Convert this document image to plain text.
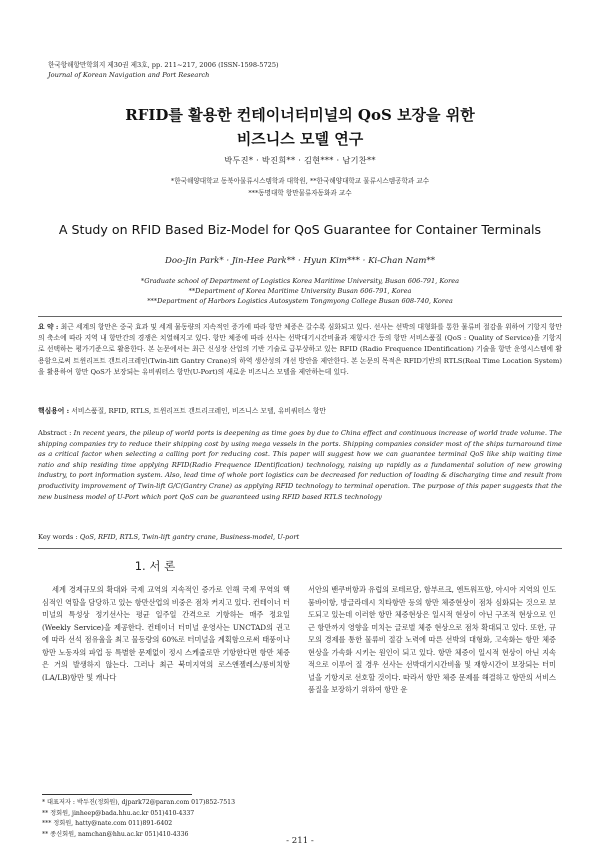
한국항해항만학회지 제30권 제3호, pp. 211~217, 2006 (ISSN-1598-5725)
Journal of Korean Navigation and Port Research
RFID를 활용한 컨테이너터미널의 QoS 보장을 위한
비즈니스 모델 연구
박두진* · 박진희** · 김현*** · 남기찬**
*한국해양대학교 동북아물류시스템학과 대학원, **한국해양대학교 물류시스템공학과 교수
***동명대학 항만물류자동화과 교수
A Study on RFID Based Biz-Model for QoS Guarantee for Container Terminals
Doo-Jin Park* · Jin-Hee Park** · Hyun Kim*** · Ki-Chan Nam**
*Graduate school of Department of Logistics Korea Maritime University, Busan 606-791, Korea
**Department of Korea Maritime University Busan 606-791, Korea
***Department of Harbors Logistics Autosystem Tongmyong College Busan 608-740, Korea
요 약 : 최근 세계의 항만은 중국 효과 및 세계 물동량의 지속적인 증가에 따라 항만 체증은 갈수록 심화되고 있다. 선사는 선박의 대형화를 통한 물류비 절감을 위하여 기항지 항만의 축소에 따라 지역 내 항만간의 경쟁은 치열해지고 있다. 항만 체증에 따라 선사는 선박대기시간비율과 재항시간 등의 항만 서비스품질 (QoS : Quality of Service)을 기항지로 선택하는 평가기준으로 활용한다. 본 논문에서는 최근 신성장 산업의 기반 기술로 급부상하고 있는 RFID (Radio Frequence IDentification) 기술을 항만 운영시스템에 활용함으로써 트윈리프트 갠트리크레인(Twin-lift Gantry Crane)의 하역 생산성의 개선 방안을 제안한다. 본 논문의 목적은 RFID기반의 RTLS(Real Time Location System)을 활용하여 항만 QoS가 보장되는 유비쿼터스 항만(U-Port)의 새로운 비즈니스 모델을 제안하는데 있다.
핵심용어 : 서비스품질, RFID, RTLS, 트윈리프트 갠트리크레인, 비즈니스 모델, 유비쿼터스 항만
Abstract : In recent years, the pileup of world ports is deepening as time goes by due to China effect and continuous increase of world trade volume. The shipping companies try to reduce their shipping cost by using mega vessels in the ports. Shipping companies consider most of the ships turnaround time as a critical factor when selecting a calling port for reducing cost. This paper will suggest how we can guarantee terminal QoS like ship waiting time ratio and ship residing time applying RFID(Radio Frequence IDentification) technology, raising up rapidly as a fundamental solution of new growing industry, to port information system. Also, lead time of whole port logistics can be decreased for reduction of loading & discharging time and result from productivity improvement of Twin-lift G/C(Gantry Crane) as applying RFID technology to terminal operation. The purpose of this paper suggests that the new business model of U-Port which port QoS can be guaranteed using RFID based RTLS technology
Key words : QoS, RFID, RTLS, Twin-lift gantry crane, Business-model, U-port
1. 서 론
세계 경제규모의 확대와 국제 교역의 지속적인 증가로 인해 국제 무역의 핵심적인 역할을 담당하고 있는 항만산업의 비중은 점차 커지고 있다. 컨테이너 터미널의 특성상 정기선사는 평균 일주일 간격으로 기항하는 매주 정요일(Weekly Service)을 제공한다. 컨테이너 터미널 운영사는 UNCTAD의 권고에 따라 선석 점유율을 최고 물동량의 60%로 터미널을 계획함으로써 태풍이나 항만 노동자의 파업 등 특별한 문제없이 정시 스케줄로만 기항한다면 항만 체증은 거의 발생하지 않는다. 그러나 최근 북미지역의 로스앤젤레스/롱비치항(LA/LB)항만 및 캐나다
서안의 밴쿠버항과 유럽의 로테르담, 함부르크, 엔트워프항, 아시아 지역의 인도 뭄바이항, 방글라데시 치타항만 등의 항만 체증현상이 점차 심화되는 것으로 보도되고 있는데 이러한 항만 체증현상은 일시적 현상이 아닌 구조적 현상으로 인근 항만까지 영향을 미치는 글로벌 체증 현상으로 점차 확대되고 있다. 또한, 규모의 경제를 통한 물류비 절감 노력에 따른 선박의 대형화, 고속화는 항만 체증 현상을 가속화 시키는 원인이 되고 있다. 항만 체증이 일시적 현상이 아닌 지속적으로 이루어 질 경우 선사는 선박대기시간비율 및 재항시간이 보장되는 터미널을 기항지로 선호할 것이다. 따라서 항만 체증 문제를 해결하고 항만의 서비스 품질을 보장하기 위하여 항만 운
* 대표저자 : 박두진(정회원), djpark72@paran.com 017)852-7513
** 정회원, jinheep@bada.hhu.ac.kr 051)410-4337
*** 정회원, hatty@nate.com 011)891-6402
** 종신회원, namchan@hhu.ac.kr 051)410-4336
- 211 -
